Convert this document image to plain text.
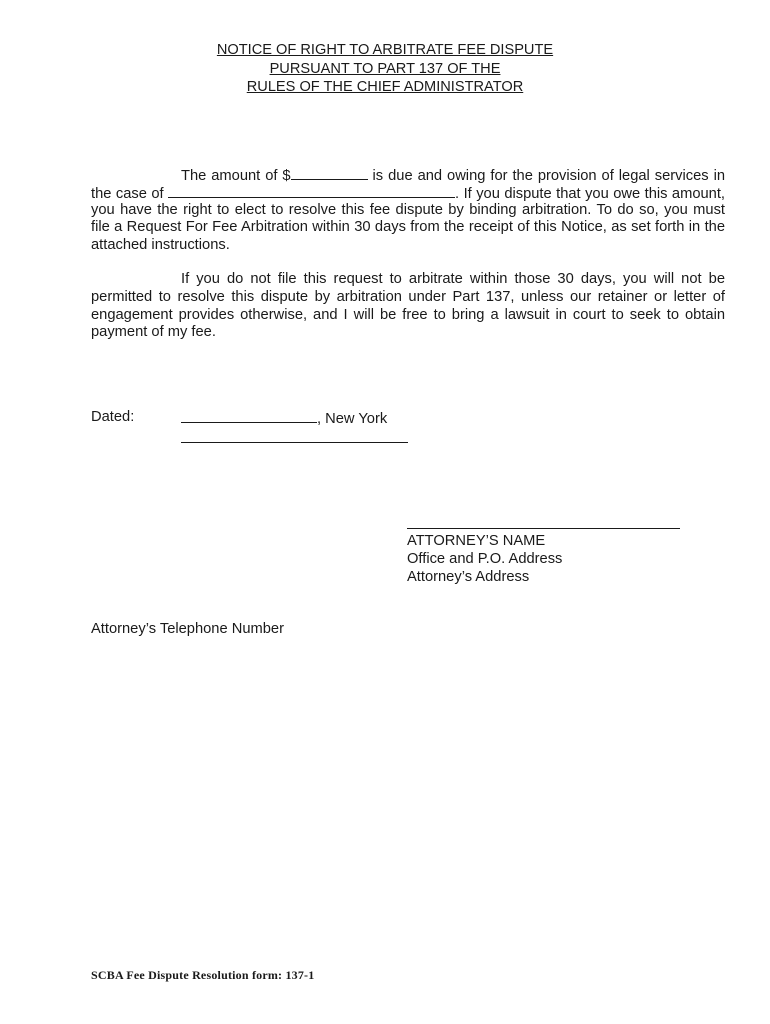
NOTICE OF RIGHT TO ARBITRATE FEE DISPUTE
PURSUANT TO PART 137 OF THE
RULES OF THE CHIEF ADMINISTRATOR
The amount of $	is due and owing for the provision of legal services in
the case of	. If you dispute that you owe this amount,
you have the right to elect to resolve this fee dispute by binding arbitration. To do so, you must
file a Request For Fee Arbitration within 30 days from the receipt of this Notice, as set forth in the
attached instructions.
If you do not file this request to arbitrate within those 30 days, you will not be
permitted to resolve this dispute by arbitration under Part 137, unless our retainer or letter of
engagement provides otherwise, and I will be free to bring a lawsuit in court to seek to obtain
payment of my fee.
Dated:	, New York
ATTORNEY’S NAME
Office and P.O. Address
Attorney’s Address
Attorney’s Telephone Number
SCBA Fee Dispute Resolution form: 137-1
